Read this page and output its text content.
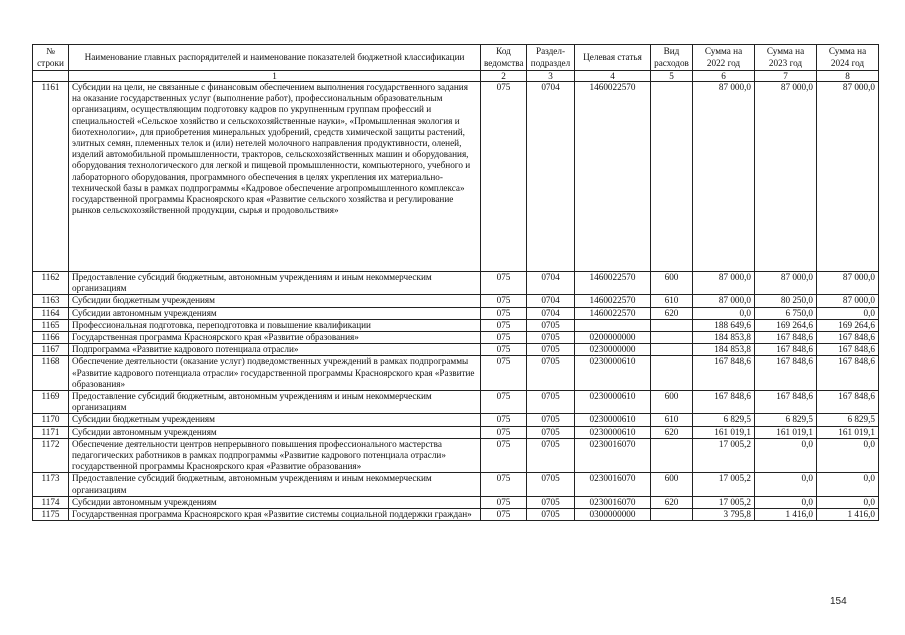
№ строки	Наименование главных распорядителей и наименование показателей бюджетной классификации	Код ведомства	Раздел-подраздел	Целевая статья	Вид расходов	Сумма на 2022 год	Сумма на 2023 год	Сумма на 2024 год
	1	2	3	4	5	6	7	8
1161	Субсидии на цели, не связанные с финансовым обеспечением выполнения государственного задания на оказание государственных услуг (выполнение работ), профессиональным образовательным организациям, осуществляющим подготовку кадров по укрупненным группам профессий и специальностей «Сельское хозяйство и сельскохозяйственные науки», «Промышленная экология и биотехнологии», для приобретения минеральных удобрений, средств химической защиты растений, элитных семян, племенных телок и (или) нетелей молочного направления продуктивности, оленей, изделий автомобильной промышленности, тракторов, сельскохозяйственных машин и оборудования, оборудования технологического для легкой и пищевой промышленности, компьютерного, учебного и лабораторного оборудования, программного обеспечения в целях укрепления их материально-технической базы в рамках подпрограммы «Кадровое обеспечение агропромышленного комплекса» государственной программы Красноярского края «Развитие сельского хозяйства и регулирование рынков сельскохозяйственной продукции, сырья и продовольствия»	075	0704	1460022570		87 000,0	87 000,0	87 000,0
1162	Предоставление субсидий бюджетным, автономным учреждениям и иным некоммерческим организациям	075	0704	1460022570	600	87 000,0	87 000,0	87 000,0
1163	Субсидии бюджетным учреждениям	075	0704	1460022570	610	87 000,0	80 250,0	87 000,0
1164	Субсидии автономным учреждениям	075	0704	1460022570	620	0,0	6 750,0	0,0
1165	Профессиональная подготовка, переподготовка и повышение квалификации	075	0705			188 649,6	169 264,6	169 264,6
1166	Государственная программа Красноярского края «Развитие образования»	075	0705	0200000000		184 853,8	167 848,6	167 848,6
1167	Подпрограмма «Развитие кадрового потенциала отрасли»	075	0705	0230000000		184 853,8	167 848,6	167 848,6
1168	Обеспечение деятельности (оказание услуг) подведомственных учреждений в рамках подпрограммы «Развитие кадрового потенциала отрасли» государственной программы Красноярского края «Развитие образования»	075	0705	0230000610		167 848,6	167 848,6	167 848,6
1169	Предоставление субсидий бюджетным, автономным учреждениям и иным некоммерческим организациям	075	0705	0230000610	600	167 848,6	167 848,6	167 848,6
1170	Субсидии бюджетным учреждениям	075	0705	0230000610	610	6 829,5	6 829,5	6 829,5
1171	Субсидии автономным учреждениям	075	0705	0230000610	620	161 019,1	161 019,1	161 019,1
1172	Обеспечение деятельности центров непрерывного повышения профессионального мастерства педагогических работников в рамках подпрограммы «Развитие кадрового потенциала отрасли» государственной программы Красноярского края «Развитие образования»	075	0705	0230016070		17 005,2	0,0	0,0
1173	Предоставление субсидий бюджетным, автономным учреждениям и иным некоммерческим организациям	075	0705	0230016070	600	17 005,2	0,0	0,0
1174	Субсидии автономным учреждениям	075	0705	0230016070	620	17 005,2	0,0	0,0
1175	Государственная программа Красноярского края «Развитие системы социальной поддержки граждан»	075	0705	0300000000		3 795,8	1 416,0	1 416,0
154
